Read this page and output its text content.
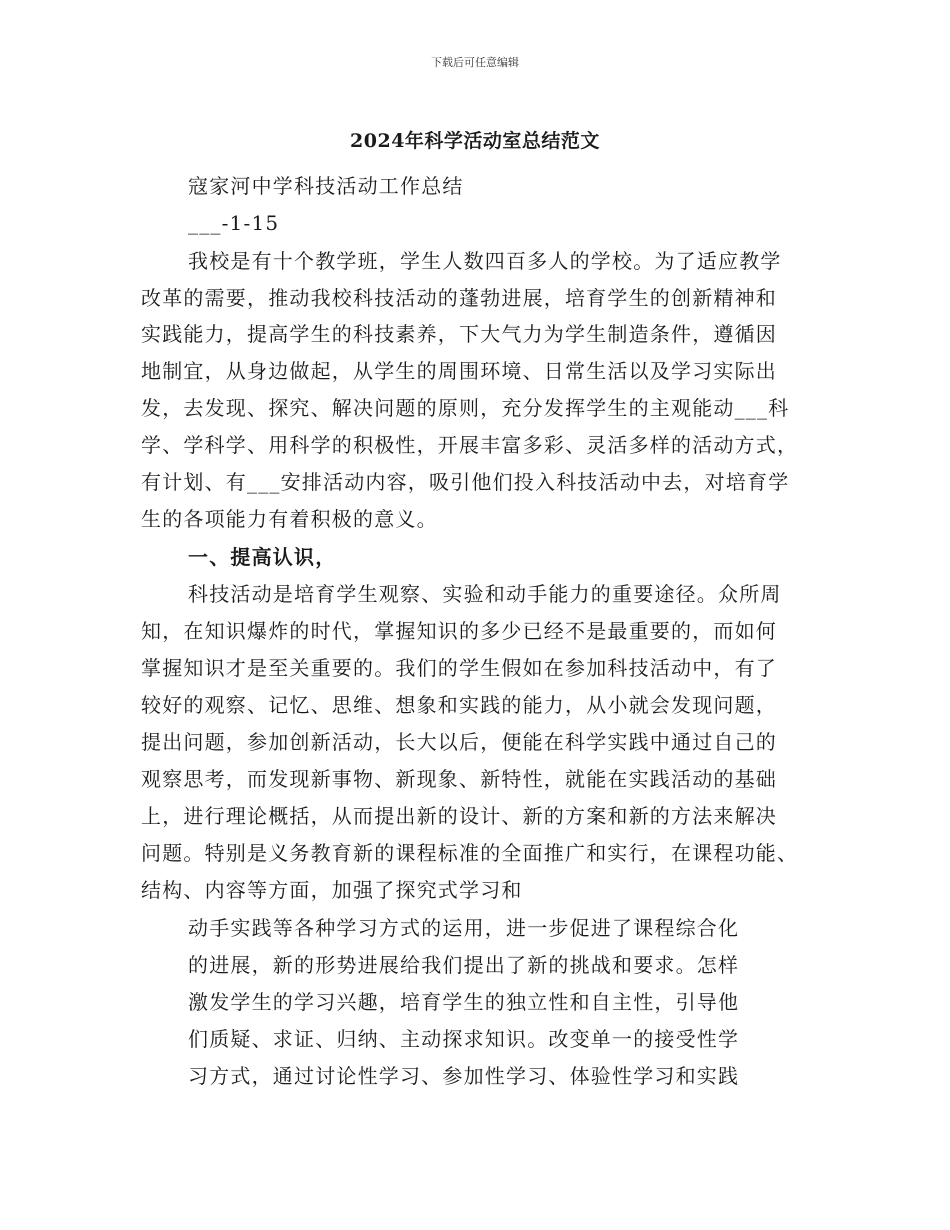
下载后可任意编辑
2024年科学活动室总结范文
寇家河中学科技活动工作总结
___-1-15
我校是有十个教学班，学生人数四百多人的学校。为了适应教学
改革的需要，推动我校科技活动的蓬勃进展，培育学生的创新精神和
实践能力，提高学生的科技素养，下大气力为学生制造条件，遵循因
地制宜，从身边做起，从学生的周围环境、日常生活以及学习实际出
发，去发现、探究、解决问题的原则，充分发挥学生的主观能动___科
学、学科学、用科学的积极性，开展丰富多彩、灵活多样的活动方式，
有计划、有___安排活动内容，吸引他们投入科技活动中去，对培育学
生的各项能力有着积极的意义。
一、提高认识，
科技活动是培育学生观察、实验和动手能力的重要途径。众所周
知，在知识爆炸的时代，掌握知识的多少已经不是最重要的，而如何
掌握知识才是至关重要的。我们的学生假如在参加科技活动中，有了
较好的观察、记忆、思维、想象和实践的能力，从小就会发现问题，
提出问题，参加创新活动，长大以后，便能在科学实践中通过自己的
观察思考，而发现新事物、新现象、新特性，就能在实践活动的基础
上，进行理论概括，从而提出新的设计、新的方案和新的方法来解决
问题。特别是义务教育新的课程标准的全面推广和实行，在课程功能、
结构、内容等方面，加强了探究式学习和
动手实践等各种学习方式的运用，进一步促进了课程综合化
的进展，新的形势进展给我们提出了新的挑战和要求。怎样
激发学生的学习兴趣，培育学生的独立性和自主性，引导他
们质疑、求证、归纳、主动探求知识。改变单一的接受性学
习方式，通过讨论性学习、参加性学习、体验性学习和实践
